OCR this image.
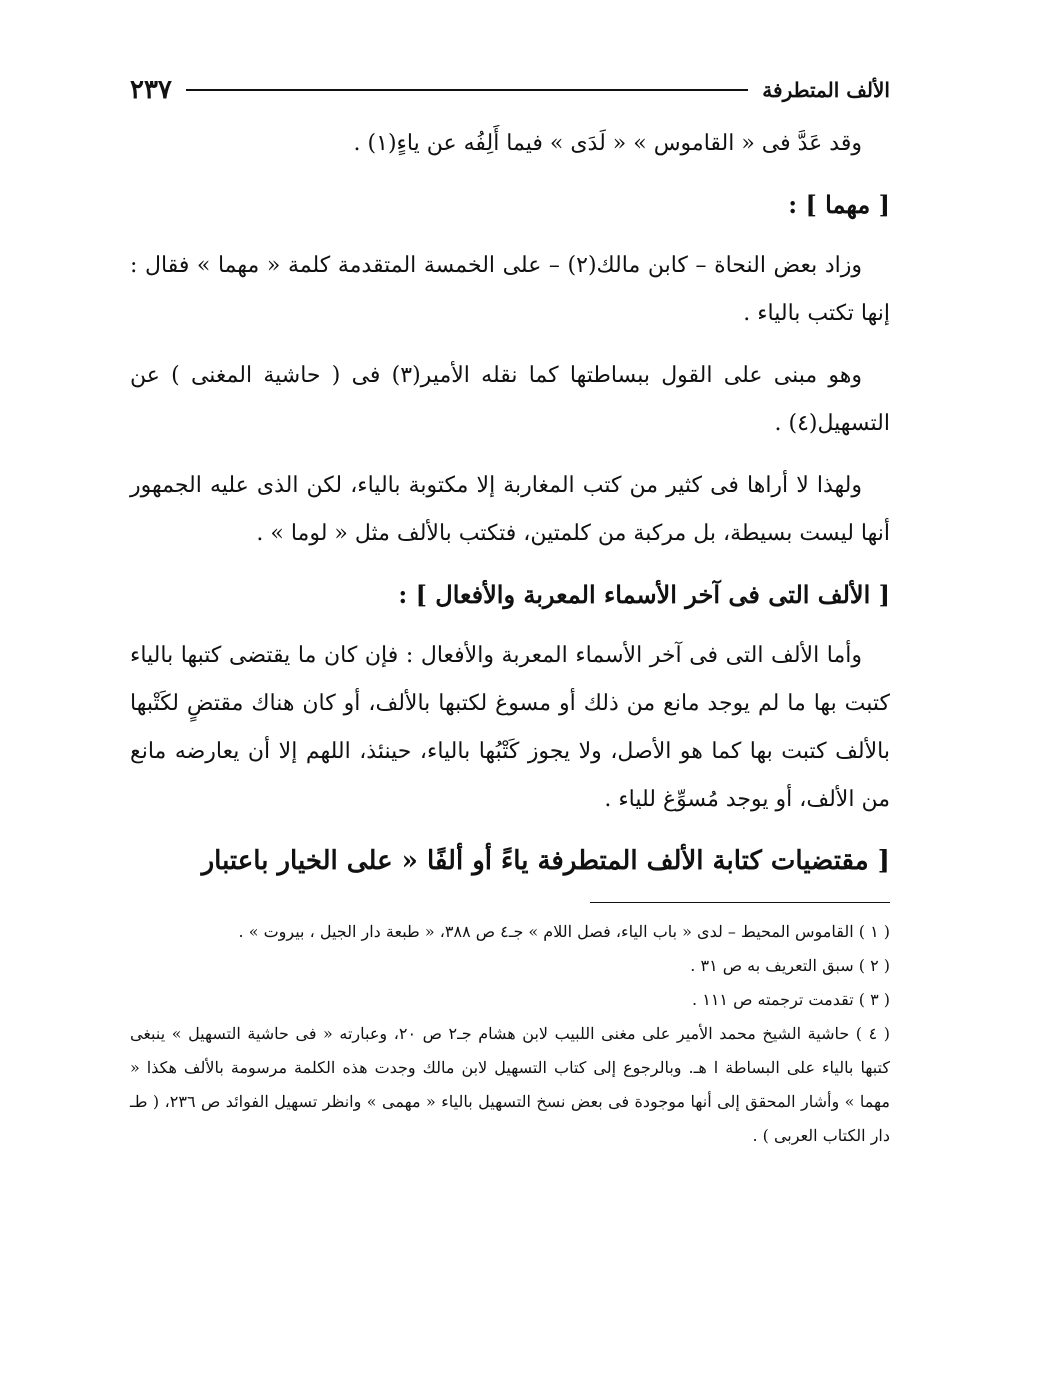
الألف المتطرفة
٢٣٧

وقد عَدَّ فى « القاموس » « لَدَى » فيما أَلِفُه عن ياءٍ(١) .

[ مهما ] :

وزاد بعض النحاة – كابن مالك(٢) – على الخمسة المتقدمة كلمة « مهما » فقال : إنها تكتب بالياء .

وهو مبنى على القول ببساطتها كما نقله الأمير(٣) فى ( حاشية المغنى ) عن التسهيل(٤) .

ولهذا لا أراها فى كثير من كتب المغاربة إلا مكتوبة بالياء، لكن الذى عليه الجمهور أنها ليست بسيطة، بل مركبة من كلمتين، فتكتب بالألف مثل « لوما » .

[ الألف التى فى آخر الأسماء المعربة والأفعال ] :

وأما الألف التى فى آخر الأسماء المعربة والأفعال : فإن كان ما يقتضى كتبها بالياء كتبت بها ما لم يوجد مانع من ذلك أو مسوغ لكتبها بالألف، أو كان هناك مقتضٍ لكَتْبها بالألف كتبت بها كما هو الأصل، ولا يجوز كَتْبُها بالياء، حينئذ، اللهم إلا أن يعارضه مانع من الألف، أو يوجد مُسوِّغ للياء .

[ مقتضيات كتابة الألف المتطرفة ياءً أو ألفًا « على الخيار باعتبار

( ١ ) القاموس المحيط – لدى « باب الياء، فصل اللام » جـ٤ ص ٣٨٨، « طبعة دار الجيل ، بيروت » .

( ٢ ) سبق التعريف به ص ٣١ .

( ٣ ) تقدمت ترجمته ص ١١١ .

( ٤ ) حاشية الشيخ محمد الأمير على مغنى اللبيب لابن هشام جـ٢ ص ٢٠، وعبارته « فى حاشية التسهيل » ينبغى كتبها بالياء على البساطة ا هـ. وبالرجوع إلى كتاب التسهيل لابن مالك وجدت هذه الكلمة مرسومة بالألف هكذا « مهما » وأشار المحقق إلى أنها موجودة فى بعض نسخ التسهيل بالياء « مهمى » وانظر تسهيل الفوائد ص ٢٣٦، ( طـ دار الكتاب العربى ) .
